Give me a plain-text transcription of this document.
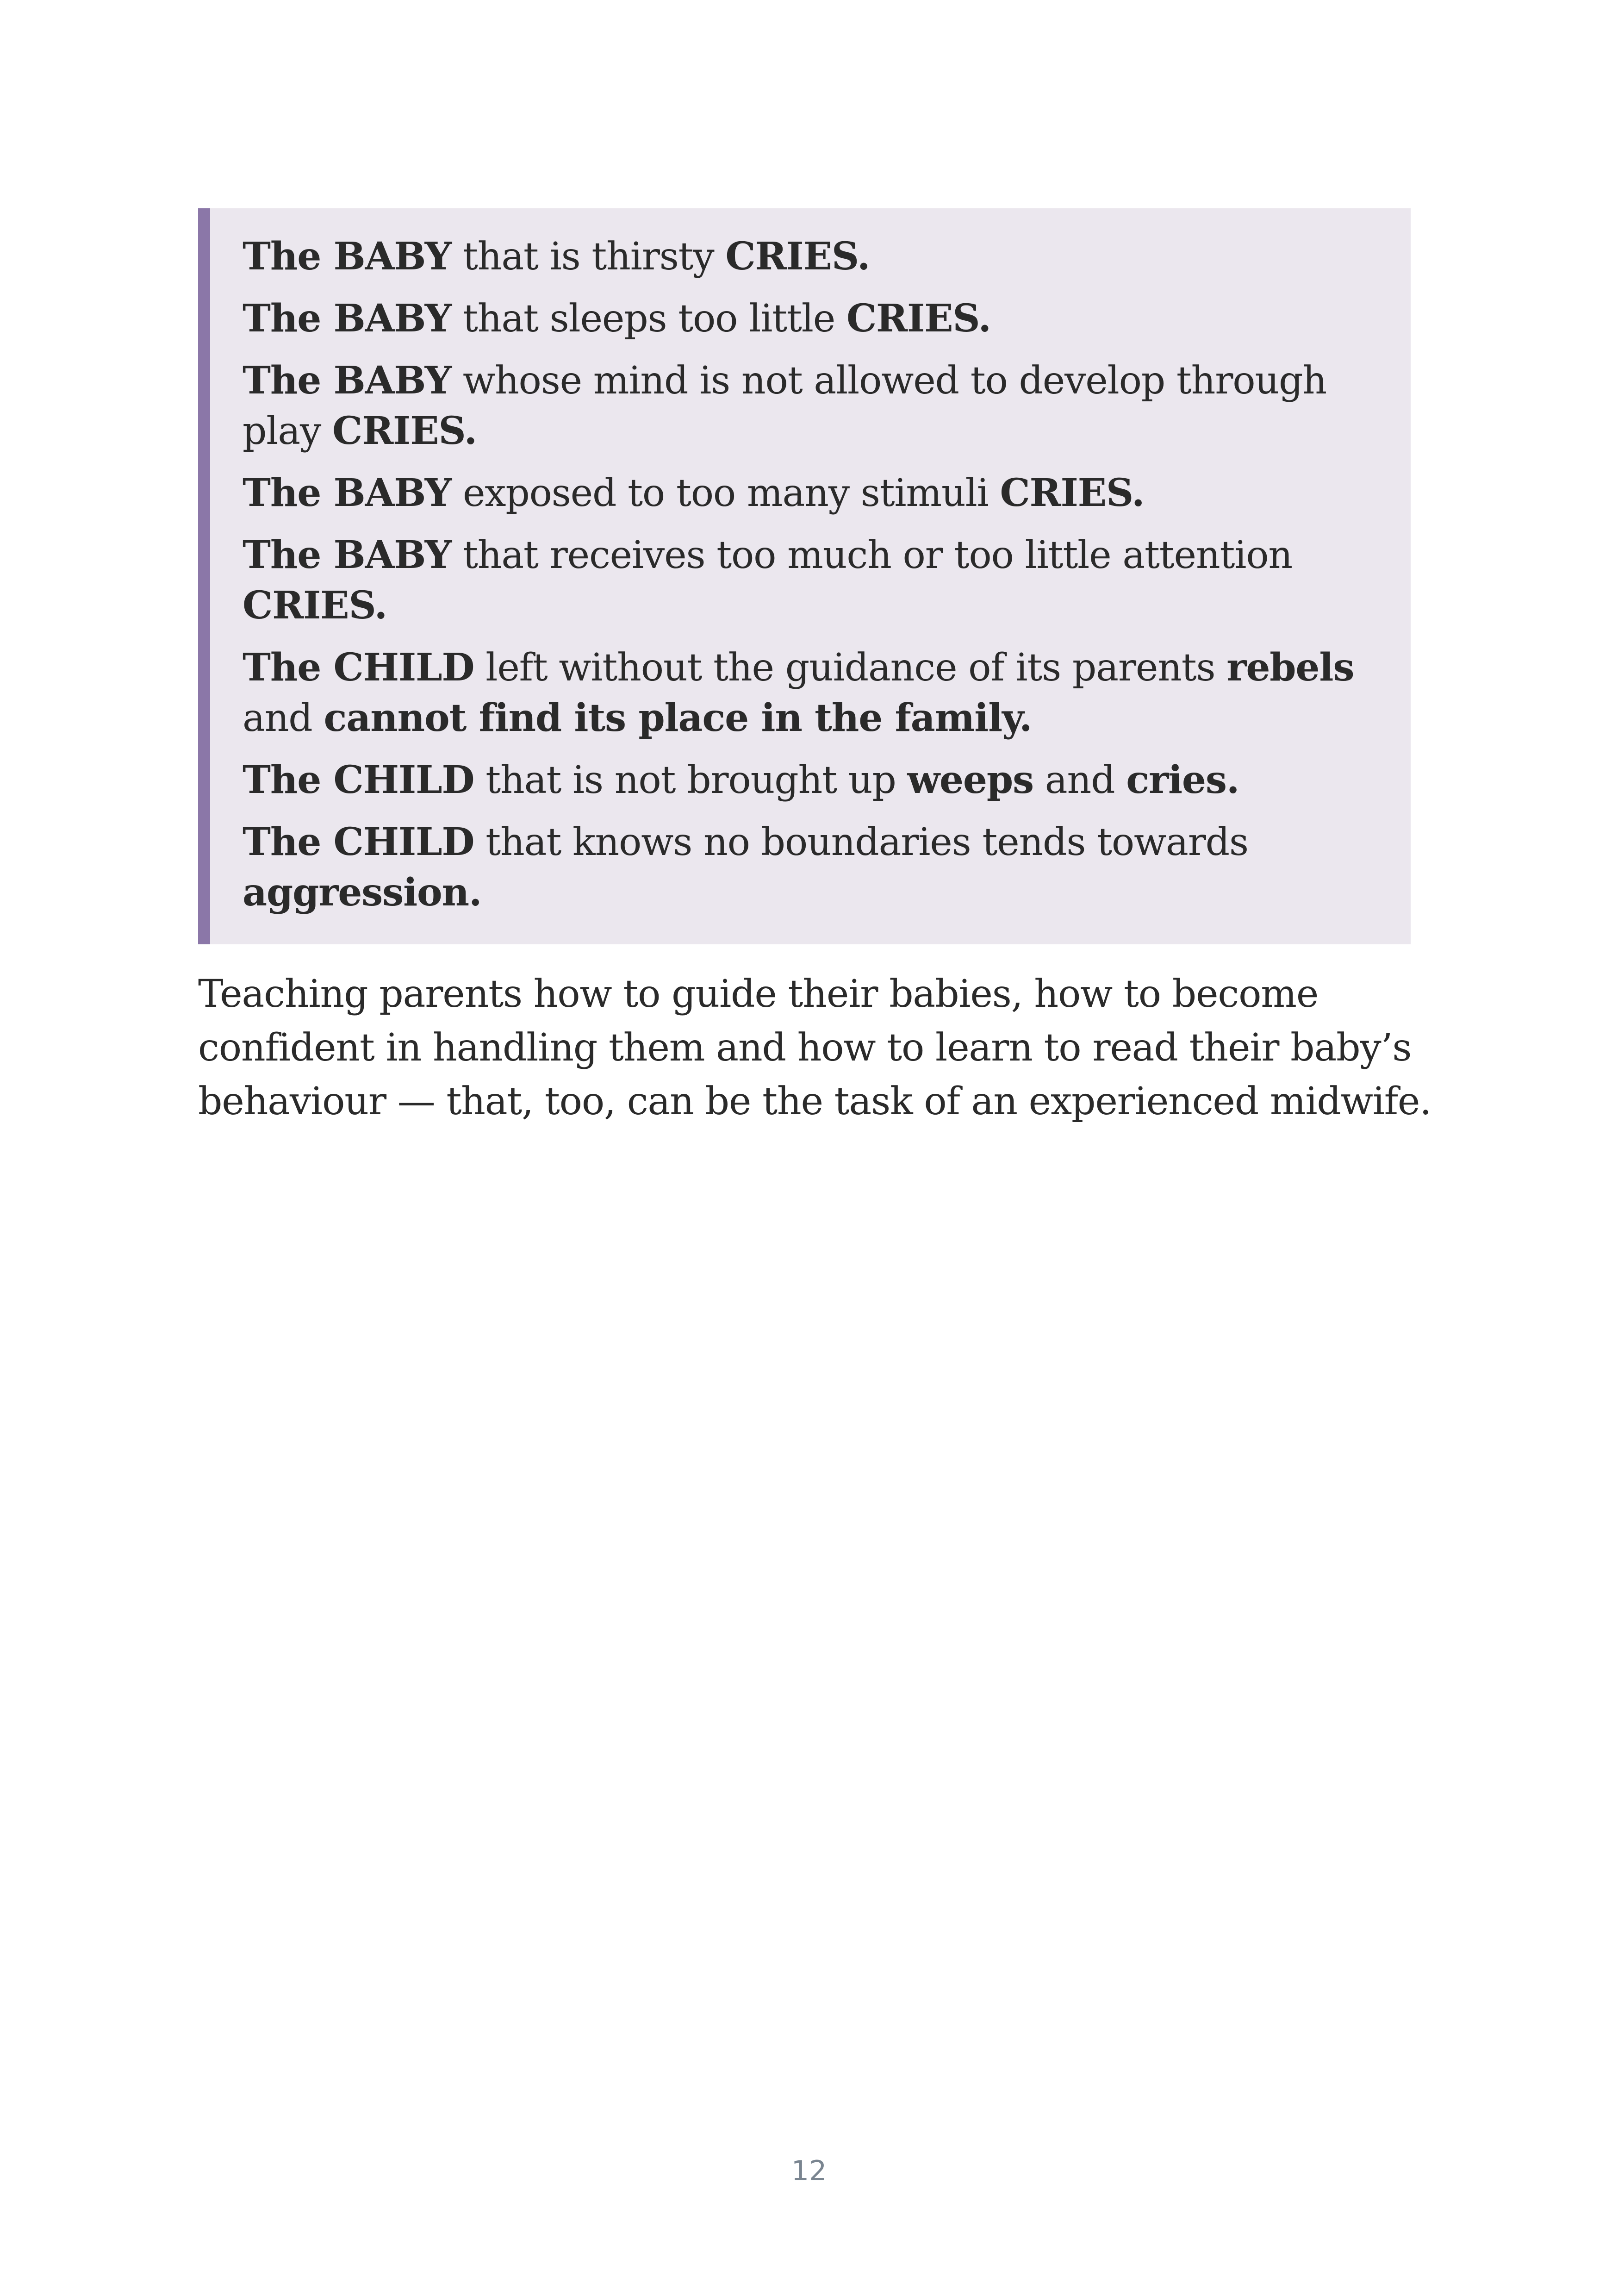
The BABY that is thirsty CRIES.

The BABY that sleeps too little CRIES.

The BABY whose mind is not allowed to develop through play CRIES.

The BABY exposed to too many stimuli CRIES.

The BABY that receives too much or too little attention CRIES.

The CHILD left without the guidance of its parents rebels and cannot find its place in the family.

The CHILD that is not brought up weeps and cries.

The CHILD that knows no boundaries tends towards aggression.

Teaching parents how to guide their babies, how to become confident in handling them and how to learn to read their baby’s behaviour — that, too, can be the task of an experienced midwife.

12
